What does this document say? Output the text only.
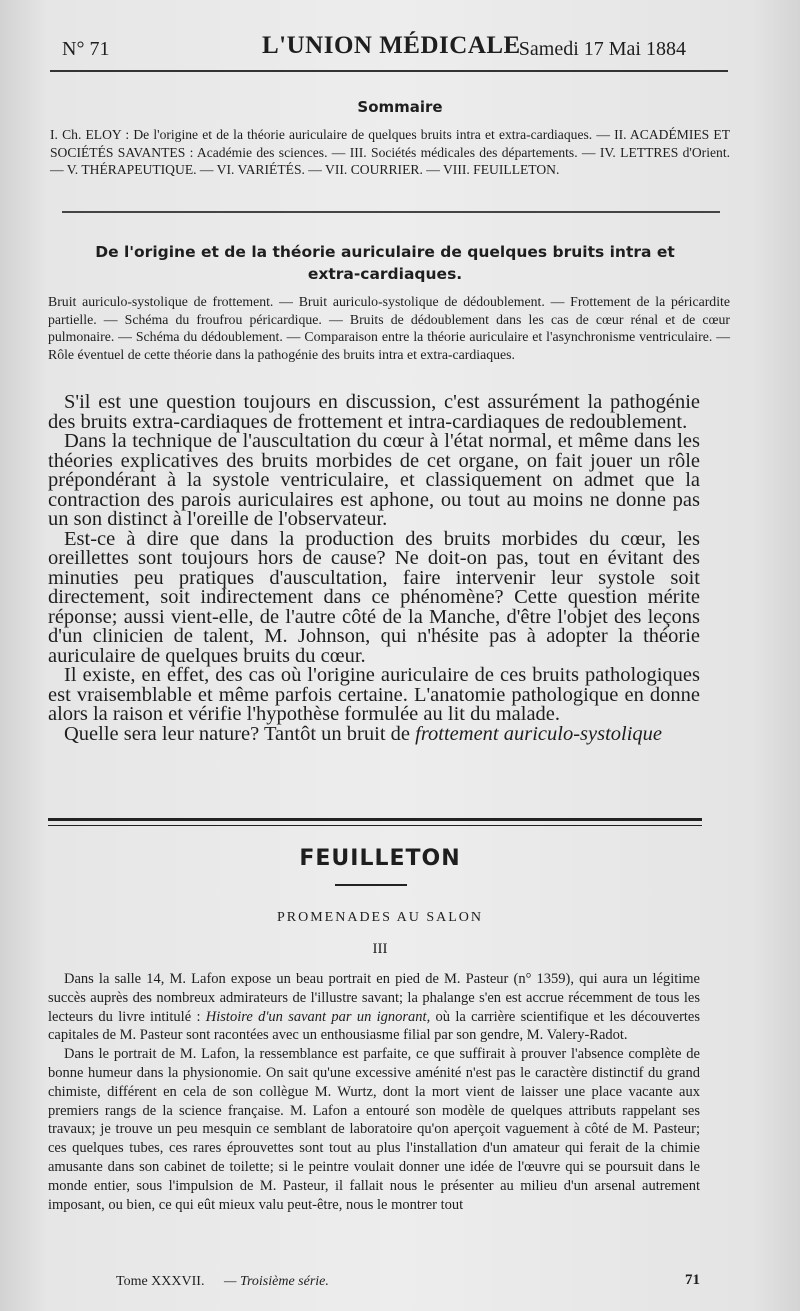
N° 71	L'UNION MÉDICALE
Samedi 17 Mai 1884
Sommaire
I. Ch. ELOY : De l'origine et de la théorie auriculaire de quelques bruits intra et extra-cardiaques. — II. ACADÉMIES ET SOCIÉTÉS SAVANTES : Académie des sciences. — III. Sociétés médicales des départements. — IV. LETTRES d'Orient. — V. THÉRAPEUTIQUE. — VI. VARIÉTÉS. — VII. COURRIER. — VIII. FEUILLETON.
De l'origine et de la théorie auriculaire de quelques bruits intra et extra-cardiaques.
Bruit auriculo-systolique de frottement. — Bruit auriculo-systolique de dédoublement. — Frottement de la péricardite partielle. — Schéma du froufrou péricardique. — Bruits de dédoublement dans les cas de cœur rénal et de cœur pulmonaire. — Schéma du dédoublement. — Comparaison entre la théorie auriculaire et l'asynchronisme ventriculaire. — Rôle éventuel de cette théorie dans la pathogénie des bruits intra et extra-cardiaques.

S'il est une question toujours en discussion, c'est assurément la pathogénie des bruits extra-cardiaques de frottement et intra-cardiaques de redoublement.

Dans la technique de l'auscultation du cœur à l'état normal, et même dans les théories explicatives des bruits morbides de cet organe, on fait jouer un rôle prépondérant à la systole ventriculaire, et classiquement on admet que la contraction des parois auriculaires est aphone, ou tout au moins ne donne pas un son distinct à l'oreille de l'observateur.

Est-ce à dire que dans la production des bruits morbides du cœur, les oreillettes sont toujours hors de cause? Ne doit-on pas, tout en évitant des minuties peu pratiques d'auscultation, faire intervenir leur systole soit directement, soit indirectement dans ce phénomène? Cette question mérite réponse; aussi vient-elle, de l'autre côté de la Manche, d'être l'objet des leçons d'un clinicien de talent, M. Johnson, qui n'hésite pas à adopter la théorie auriculaire de quelques bruits du cœur.

Il existe, en effet, des cas où l'origine auriculaire de ces bruits pathologiques est vraisemblable et même parfois certaine. L'anatomie pathologique en donne alors la raison et vérifie l'hypothèse formulée au lit du malade.

Quelle sera leur nature? Tantôt un bruit de frottement auriculo-systolique

FEUILLETON
PROMENADES AU SALON
III

Dans la salle 14, M. Lafon expose un beau portrait en pied de M. Pasteur (n° 1359), qui aura un légitime succès auprès des nombreux admirateurs de l'illustre savant; la phalange s'en est accrue récemment de tous les lecteurs du livre intitulé : Histoire d'un savant par un ignorant, où la carrière scientifique et les découvertes capitales de M. Pasteur sont racontées avec un enthousiasme filial par son gendre, M. Valery-Radot.

Dans le portrait de M. Lafon, la ressemblance est parfaite, ce que suffirait à prouver l'absence complète de bonne humeur dans la physionomie. On sait qu'une excessive aménité n'est pas le caractère distinctif du grand chimiste, différent en cela de son collègue M. Wurtz, dont la mort vient de laisser une place vacante aux premiers rangs de la science française. M. Lafon a entouré son modèle de quelques attributs rappelant ses travaux; je trouve un peu mesquin ce semblant de laboratoire qu'on aperçoit vaguement à côté de M. Pasteur; ces quelques tubes, ces rares éprouvettes sont tout au plus l'installation d'un amateur qui ferait de la chimie amusante dans son cabinet de toilette; si le peintre voulait donner une idée de l'œuvre qui se poursuit dans le monde entier, sous l'impulsion de M. Pasteur, il fallait nous le présenter au milieu d'un arsenal autrement imposant, ou bien, ce qui eût mieux valu peut-être, nous le montrer tout

Tome XXXVII. — Troisième série.	71
